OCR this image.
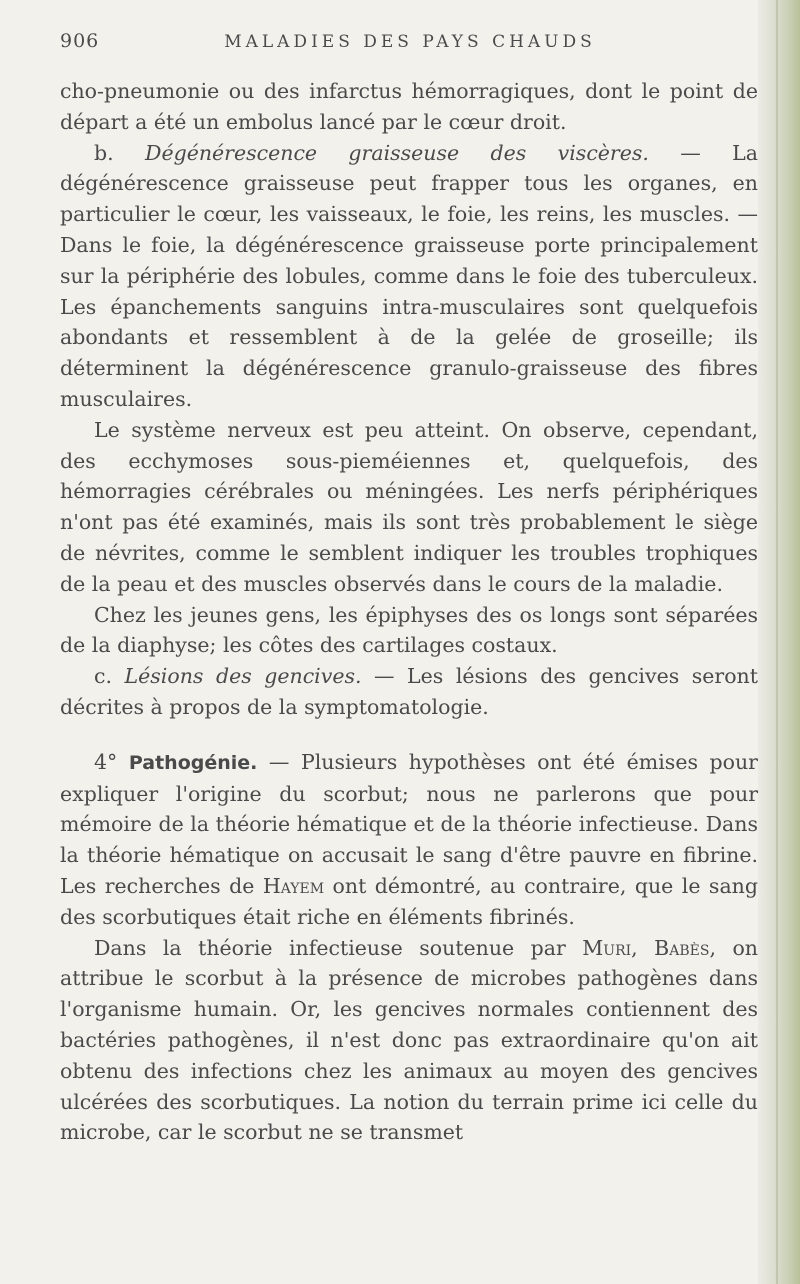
906	MALADIES DES PAYS CHAUDS

cho-pneumonie ou des infarctus hémorragiques, dont le point de départ a été un embolus lancé par le cœur droit.

b. Dégénérescence graisseuse des viscères. — La dégénérescence graisseuse peut frapper tous les organes, en particulier le cœur, les vaisseaux, le foie, les reins, les muscles. — Dans le foie, la dégénérescence graisseuse porte principalement sur la périphérie des lobules, comme dans le foie des tuberculeux. Les épanchements sanguins intra-musculaires sont quelquefois abondants et ressemblent à de la gelée de groseille; ils déterminent la dégénérescence granulo-graisseuse des fibres musculaires.

Le système nerveux est peu atteint. On observe, cependant, des ecchymoses sous-pieméiennes et, quelquefois, des hémorragies cérébrales ou méningées. Les nerfs périphériques n'ont pas été examinés, mais ils sont très probablement le siège de névrites, comme le semblent indiquer les troubles trophiques de la peau et des muscles observés dans le cours de la maladie.

Chez les jeunes gens, les épiphyses des os longs sont séparées de la diaphyse; les côtes des cartilages costaux.

c. Lésions des gencives. — Les lésions des gencives seront décrites à propos de la symptomatologie.

4° Pathogénie. — Plusieurs hypothèses ont été émises pour expliquer l'origine du scorbut; nous ne parlerons que pour mémoire de la théorie hématique et de la théorie infectieuse. Dans la théorie hématique on accusait le sang d'être pauvre en fibrine. Les recherches de Hayem ont démontré, au contraire, que le sang des scorbutiques était riche en éléments fibrinés.

Dans la théorie infectieuse soutenue par Muri, Babès, on attribue le scorbut à la présence de microbes pathogènes dans l'organisme humain. Or, les gencives normales contiennent des bactéries pathogènes, il n'est donc pas extraordinaire qu'on ait obtenu des infections chez les animaux au moyen des gencives ulcérées des scorbutiques. La notion du terrain prime ici celle du microbe, car le scorbut ne se transmet
